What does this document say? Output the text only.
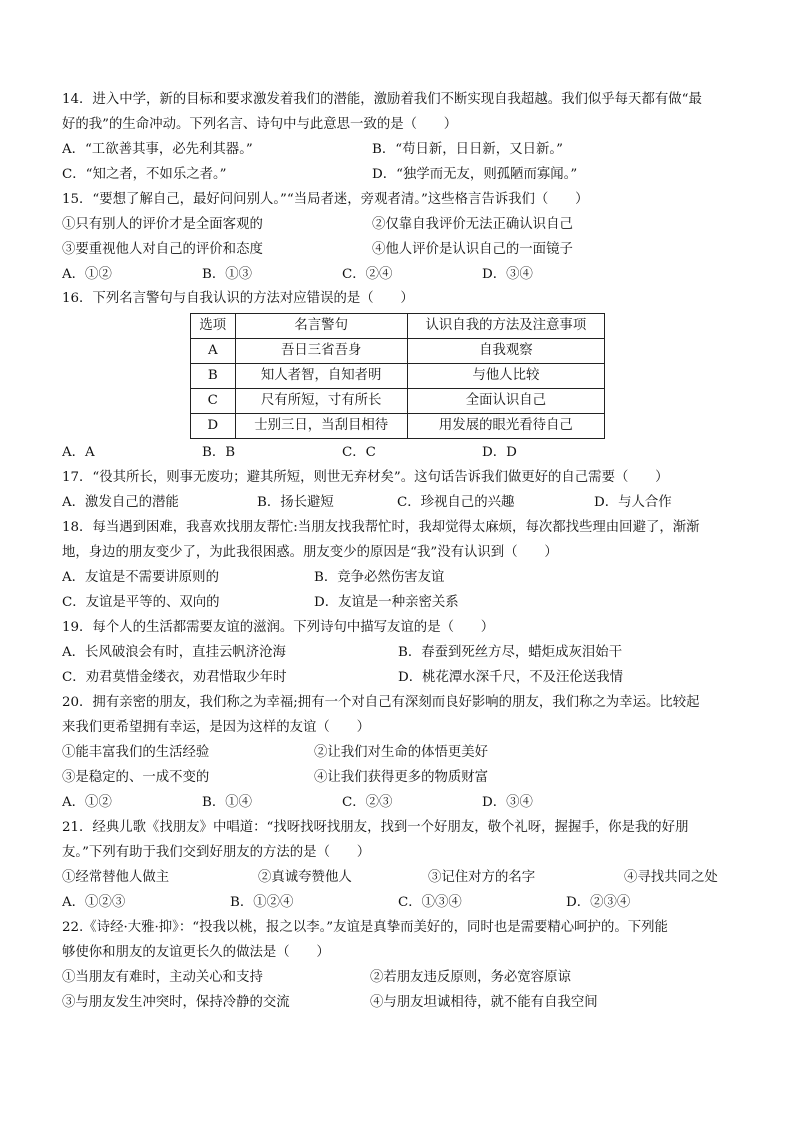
14．进入中学，新的目标和要求激发着我们的潜能，激励着我们不断实现自我超越。我们似乎每天都有做“最
好的我”的生命冲动。下列名言、诗句中与此意思一致的是（　　）
A．“工欲善其事，必先利其器。”	B．“苟日新，日日新，又日新。”
C．“知之者，不如乐之者。”	D．“独学而无友，则孤陋而寡闻。”
15．“要想了解自己，最好问问别人。”“当局者迷，旁观者清。”这些格言告诉我们（　　）
①只有别人的评价才是全面客观的	②仅靠自我评价无法正确认识自己
③要重视他人对自己的评价和态度	④他人评价是认识自己的一面镜子
A．①②	B．①③	C．②④	D．③④
16．下列名言警句与自我认识的方法对应错误的是（　　）
选项	名言警句	认识自我的方法及注意事项
A	吾日三省吾身	自我观察
B	知人者智，自知者明	与他人比较
C	尺有所短，寸有所长	全面认识自己
D	士别三日，当刮目相待	用发展的眼光看待自己
A．A	B．B	C．C	D．D
17．“役其所长，则事无废功；避其所短，则世无弃材矣”。这句话告诉我们做更好的自己需要（　　）
A．激发自己的潜能	B．扬长避短	C．珍视自己的兴趣	D．与人合作
18．每当遇到困难，我喜欢找朋友帮忙:当朋友找我帮忙时，我却觉得太麻烦，每次都找些理由回避了，渐渐
地，身边的朋友变少了，为此我很困惑。朋友变少的原因是“我”没有认识到（　　）
A．友谊是不需要讲原则的	B．竞争必然伤害友谊
C．友谊是平等的、双向的	D．友谊是一种亲密关系
19．每个人的生活都需要友谊的滋润。下列诗句中描写友谊的是（　　）
A．长风破浪会有时，直挂云帆济沧海	B．春蚕到死丝方尽，蜡炬成灰泪始干
C．劝君莫惜金缕衣，劝君惜取少年时	D．桃花潭水深千尺，不及汪伦送我情
20．拥有亲密的朋友，我们称之为幸福;拥有一个对自己有深刻而良好影响的朋友，我们称之为幸运。比较起
来我们更希望拥有幸运，是因为这样的友谊（　　）
①能丰富我们的生活经验	②让我们对生命的体悟更美好
③是稳定的、一成不变的	④让我们获得更多的物质财富
A．①②	B．①④	C．②③	D．③④
21．经典儿歌《找朋友》中唱道：“找呀找呀找朋友，找到一个好朋友，敬个礼呀，握握手，你是我的好朋
友。”下列有助于我们交到好朋友的方法的是（　　）
①经常替他人做主	②真诚夸赞他人	③记住对方的名字	④寻找共同之处
A．①②③	B．①②④	C．①③④	D．②③④
22.《诗经·大雅·抑》：“投我以桃，报之以李。”友谊是真挚而美好的，同时也是需要精心呵护的。下列能
够使你和朋友的友谊更长久的做法是（　　）
①当朋友有难时，主动关心和支持	②若朋友违反原则，务必宽容原谅
③与朋友发生冲突时，保持冷静的交流	④与朋友坦诚相待，就不能有自我空间
